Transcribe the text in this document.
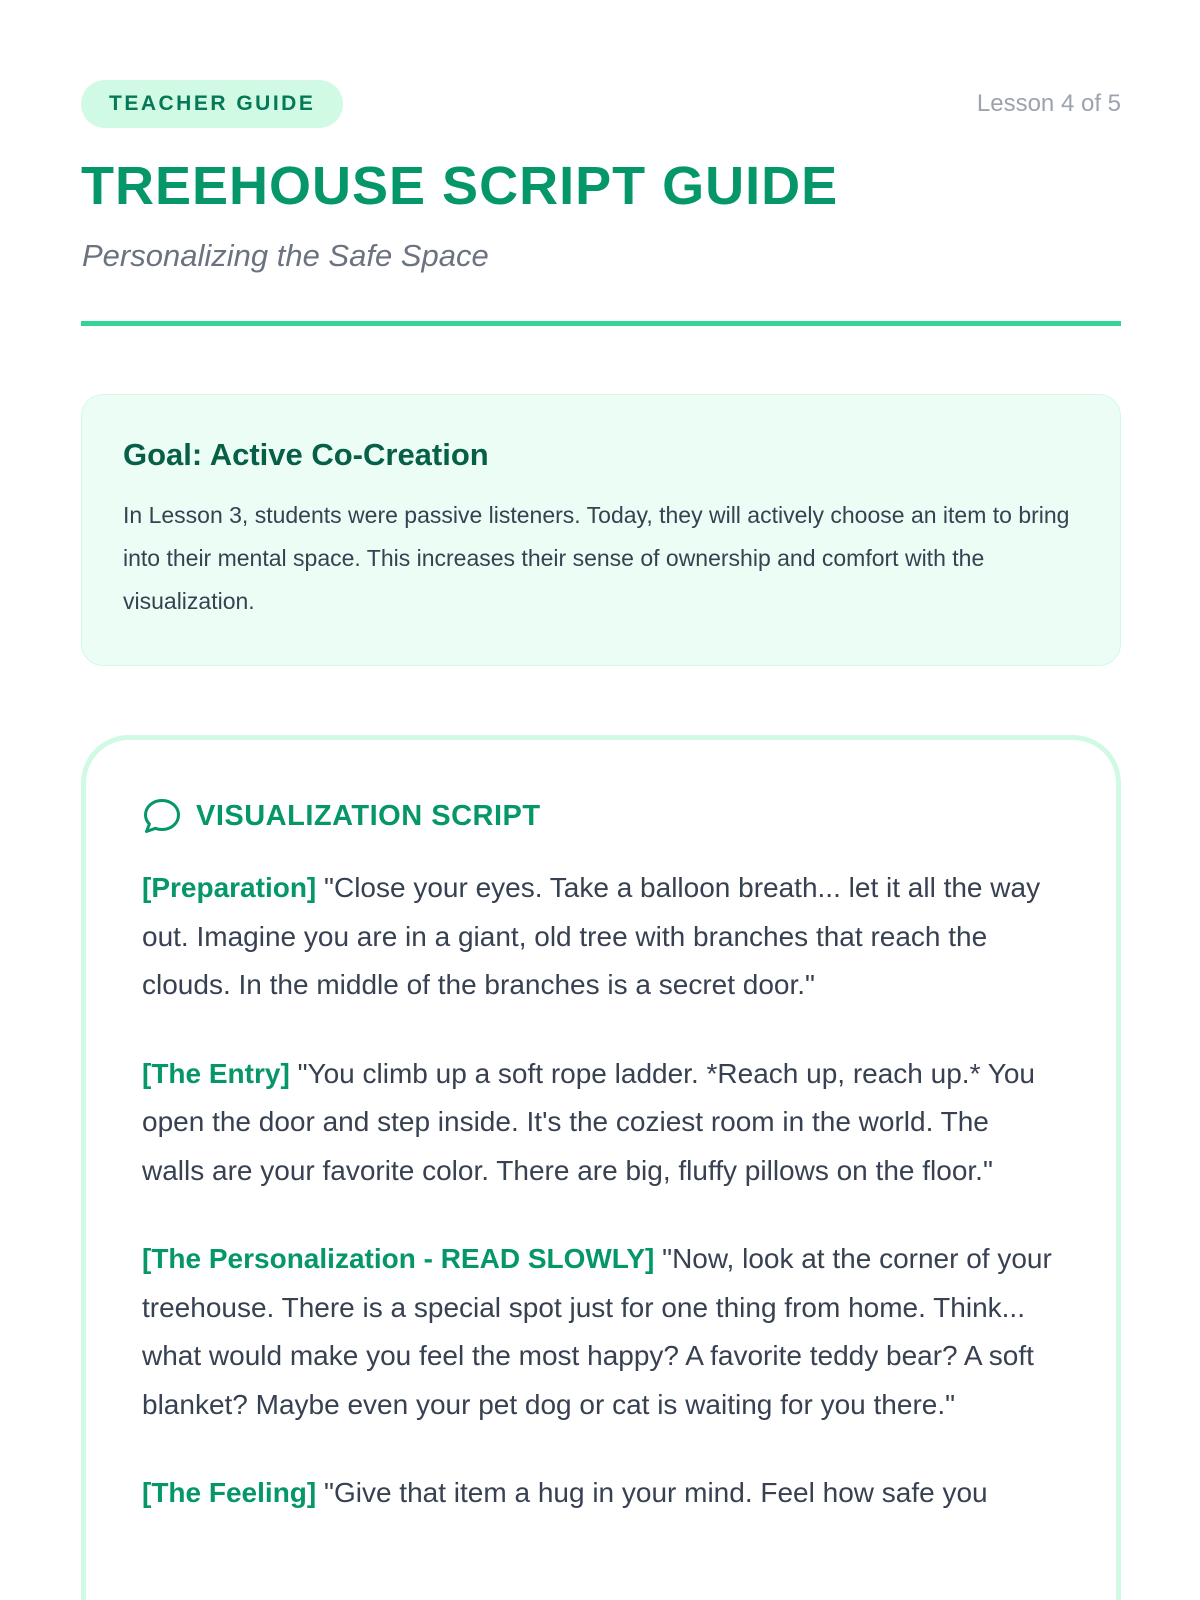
TEACHER GUIDE	Lesson 4 of 5
TREEHOUSE SCRIPT GUIDE
Personalizing the Safe Space
Goal: Active Co-Creation

In Lesson 3, students were passive listeners. Today, they will actively choose an item to bring into their mental space. This increases their sense of ownership and comfort with the visualization.

VISUALIZATION SCRIPT

[Preparation] "Close your eyes. Take a balloon breath... let it all the way out. Imagine you are in a giant, old tree with branches that reach the clouds. In the middle of the branches is a secret door."

[The Entry] "You climb up a soft rope ladder. *Reach up, reach up.* You open the door and step inside. It's the coziest room in the world. The walls are your favorite color. There are big, fluffy pillows on the floor."

[The Personalization - READ SLOWLY] "Now, look at the corner of your treehouse. There is a special spot just for one thing from home. Think... what would make you feel the most happy? A favorite teddy bear? A soft blanket? Maybe even your pet dog or cat is waiting for you there."

[The Feeling] "Give that item a hug in your mind. Feel how safe you
